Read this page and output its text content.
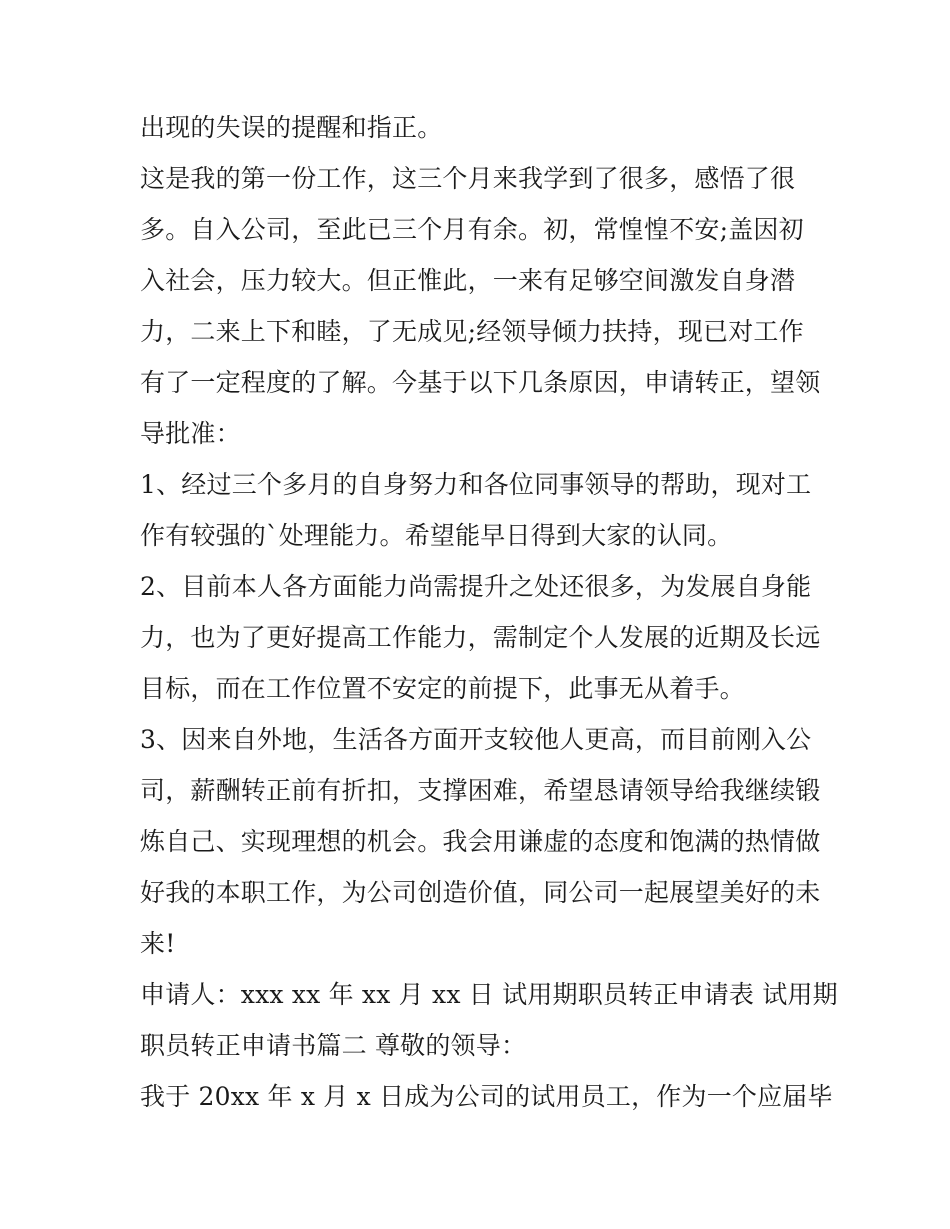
出现的失误的提醒和指正。
这是我的第一份工作，这三个月来我学到了很多，感悟了很
多。自入公司，至此已三个月有余。初，常惶惶不安;盖因初
入社会，压力较大。但正惟此，一来有足够空间激发自身潜
力，二来上下和睦，了无成见;经领导倾力扶持，现已对工作
有了一定程度的了解。今基于以下几条原因，申请转正，望领
导批准：
1、经过三个多月的自身努力和各位同事领导的帮助，现对工
作有较强的`处理能力。希望能早日得到大家的认同。
2、目前本人各方面能力尚需提升之处还很多，为发展自身能
力，也为了更好提高工作能力，需制定个人发展的近期及长远
目标，而在工作位置不安定的前提下，此事无从着手。
3、因来自外地，生活各方面开支较他人更高，而目前刚入公
司，薪酬转正前有折扣，支撑困难，希望恳请领导给我继续锻
炼自己、实现理想的机会。我会用谦虚的态度和饱满的热情做
好我的本职工作，为公司创造价值，同公司一起展望美好的未
来!
申请人：xxx xx 年 xx 月 xx 日 试用期职员转正申请表 试用期
职员转正申请书篇二 尊敬的领导：
我于 20xx 年 x 月 x 日成为公司的试用员工，作为一个应届毕
